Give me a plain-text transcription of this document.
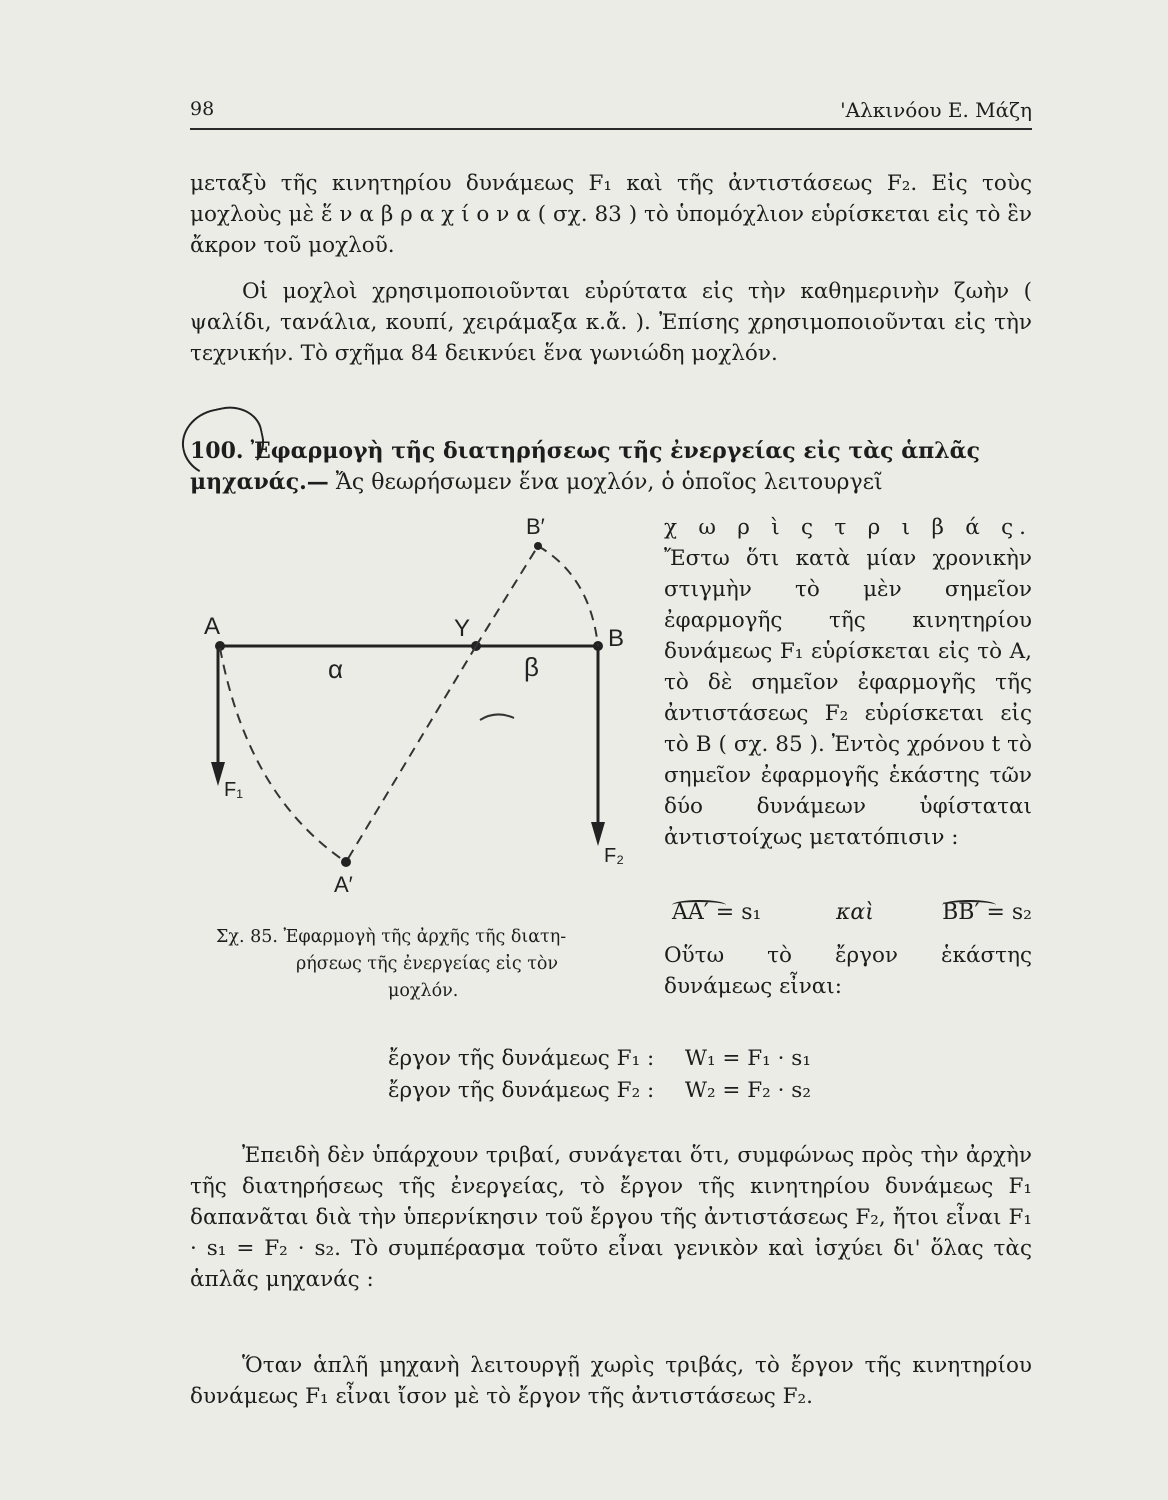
98	'Αλκινόου Ε. Μάζη
μεταξὺ τῆς κινητηρίου δυνάμεως F₁ καὶ τῆς ἀντιστάσεως F₂. Εἰς τοὺς μοχλοὺς μὲ ἕ ν α β ρ α χ ί ο ν α ( σχ. 83 ) τὸ ὑπομόχλιον εὑρίσκεται εἰς τὸ ἓν ἄκρον τοῦ μοχλοῦ.
Οἱ μοχλοὶ χρησιμοποιοῦνται εὐρύτατα εἰς τὴν καθημερινὴν ζωὴν ( ψαλίδι, τανάλια, κουπί, χειράμαξα κ.ἄ. ). Ἐπίσης χρησιμοποιοῦνται εἰς τὴν τεχνικήν. Τὸ σχῆμα 84 δεικνύει ἕνα γωνιώδη μοχλόν.
100. Ἐφαρμογὴ τῆς διατηρήσεως τῆς ἐνεργείας εἰς τὰς ἁπλᾶς μηχανάς.— Ἄς θεωρήσωμεν ἕνα μοχλόν, ὁ ὁποῖος λειτουργεῖ
Α	Β
Υ
α	β
Α′
Β′
F₁
F₂
χ ω ρ ὶ ς τ ρ ι β ά ς. Ἔστω ὅτι κατὰ μίαν χρονικὴν στιγμὴν τὸ μὲν σημεῖον ἐφαρμογῆς τῆς κινητηρίου δυνάμεως F₁ εὑρίσκεται εἰς τὸ Α, τὸ δὲ σημεῖον ἐφαρμογῆς τῆς ἀντιστάσεως F₂ εὑρίσκεται εἰς τὸ Β ( σχ. 85 ). Ἐντὸς χρόνου t τὸ σημεῖον ἐφαρμογῆς ἑκάστης τῶν δύο δυνάμεων ὑφίσταται ἀντιστοίχως μετατόπισιν :
ΑΑ′ = s₁	καὶ	ΒΒ′ = s₂
Οὕτω τὸ ἔργον ἑκάστης δυνάμεως εἶναι:
Σχ. 85. Ἐφαρμογὴ τῆς ἀρχῆς τῆς διατη-
ρήσεως τῆς ἐνεργείας εἰς τὸν
μοχλόν.
ἔργον τῆς δυνάμεως F₁ : W₁ = F₁ · s₁
ἔργον τῆς δυνάμεως F₂ : W₂ = F₂ · s₂
Ἐπειδὴ δὲν ὑπάρχουν τριβαί, συνάγεται ὅτι, συμφώνως πρὸς τὴν ἀρχὴν τῆς διατηρήσεως τῆς ἐνεργείας, τὸ ἔργον τῆς κινητηρίου δυνάμεως F₁ δαπανᾶται διὰ τὴν ὑπερνίκησιν τοῦ ἔργου τῆς ἀντιστάσεως F₂, ἤτοι εἶναι F₁ · s₁ = F₂ · s₂. Τὸ συμπέρασμα τοῦτο εἶναι γενικὸν καὶ ἰσχύει δι' ὅλας τὰς ἁπλᾶς μηχανάς :
Ὅταν ἁπλῆ μηχανὴ λειτουργῇ χωρὶς τριβάς, τὸ ἔργον τῆς κινητηρίου δυνάμεως F₁ εἶναι ἴσον μὲ τὸ ἔργον τῆς ἀντιστάσεως F₂.
